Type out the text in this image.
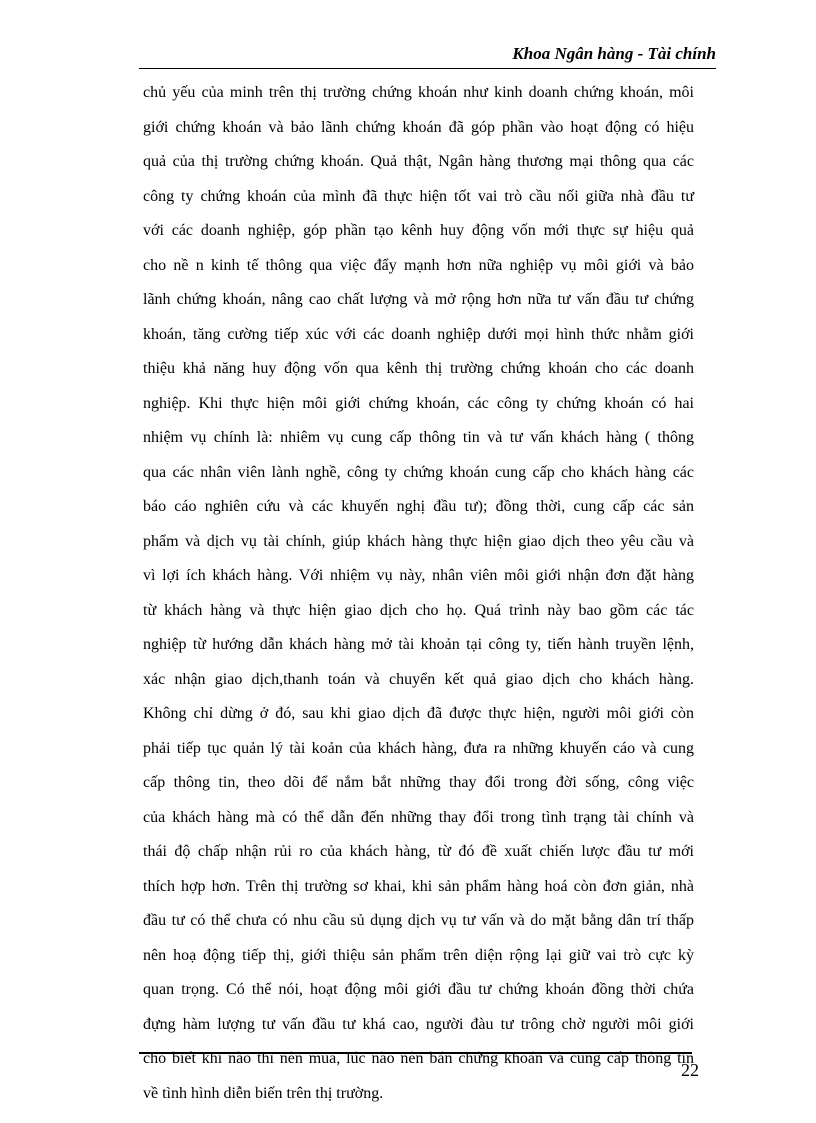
Khoa Ngân hàng - Tài chính
chủ yếu của minh trên thị trường chứng khoán như kinh doanh chứng khoán, môi
giới chứng khoán và bảo lãnh chứng khoán đã góp phần vào hoạt động có hiệu
quả của thị trường chứng khoán. Quả thật, Ngân hàng thương mại thông qua các
công ty chứng khoán của mình đã thực hiện tốt vai trò cầu nối giữa nhà đầu tư
với các doanh nghiệp, góp phần tạo kênh huy động vốn mới thực sự hiệu quả
cho nề n kinh tế thông qua việc đẩy mạnh hơn nữa nghiệp vụ môi giới và bảo
lãnh chứng khoán, nâng cao chất lượng và mở rộng hơn nữa tư vấn đầu tư chứng
khoán, tăng cường tiếp xúc với các doanh nghiệp dưới mọi hình thức nhằm giới
thiệu khả năng huy động vốn qua kênh thị trường chứng khoán cho các doanh
nghiệp. Khi thực hiện môi giới chứng khoán, các công ty chứng khoán có hai
nhiệm vụ chính là: nhiêm vụ cung cấp thông tin và tư vấn khách hàng ( thông
qua các nhân viên lành nghề, công ty chứng khoán cung cấp cho khách hàng các
báo cáo nghiên cứu và các khuyến nghị đầu tư); đồng thời, cung cấp các sản
phẩm và dịch vụ tài chính, giúp khách hàng thực hiện giao dịch theo yêu cầu và
vì lợi ích khách hàng. Với nhiệm vụ này, nhân viên môi giới nhận đơn đặt hàng
từ khách hàng và thực hiện giao dịch cho họ. Quá trình này bao gồm các tác
nghiệp từ hướng dẫn khách hàng mở tài khoản tại công ty, tiến hành truyền lệnh,
xác nhận giao dịch,thanh toán và chuyển kết quả giao dịch cho khách hàng.
Không chỉ dừng ở đó, sau khi giao dịch đã được thực hiện, người môi giới còn
phải tiếp tục quản lý tài koản của khách hàng, đưa ra những khuyến cáo và cung
cấp thông tin, theo dõi để nắm bắt những thay đổi trong đời sống, công việc
của khách hàng mà có thể dẫn đến những thay đổi trong tình trạng tài chính và
thái độ chấp nhận rủi ro của khách hàng, từ đó đề xuất chiến lược đầu tư mới
thích hợp hơn. Trên thị trường sơ khai, khi sản phẩm hàng hoá còn đơn giản, nhà
đầu tư có thể chưa có nhu cầu sủ dụng dịch vụ tư vấn và do mặt bằng dân trí thấp
nên hoạ động tiếp thị, giới thiệu sản phẩm trên diện rộng lại giữ vai trò cực kỳ
quan trọng. Có thể nói, hoạt động môi giới đầu tư chứng khoán đồng thời chứa
đựng hàm lượng tư vấn đầu tư khá cao, người đàu tư trông chờ người môi giới
cho biết khi nào thì nên mua, lúc nào nên bán chứng khoán và cung cấp thông tin
về tình hình diễn biến trên thị trường.
22
